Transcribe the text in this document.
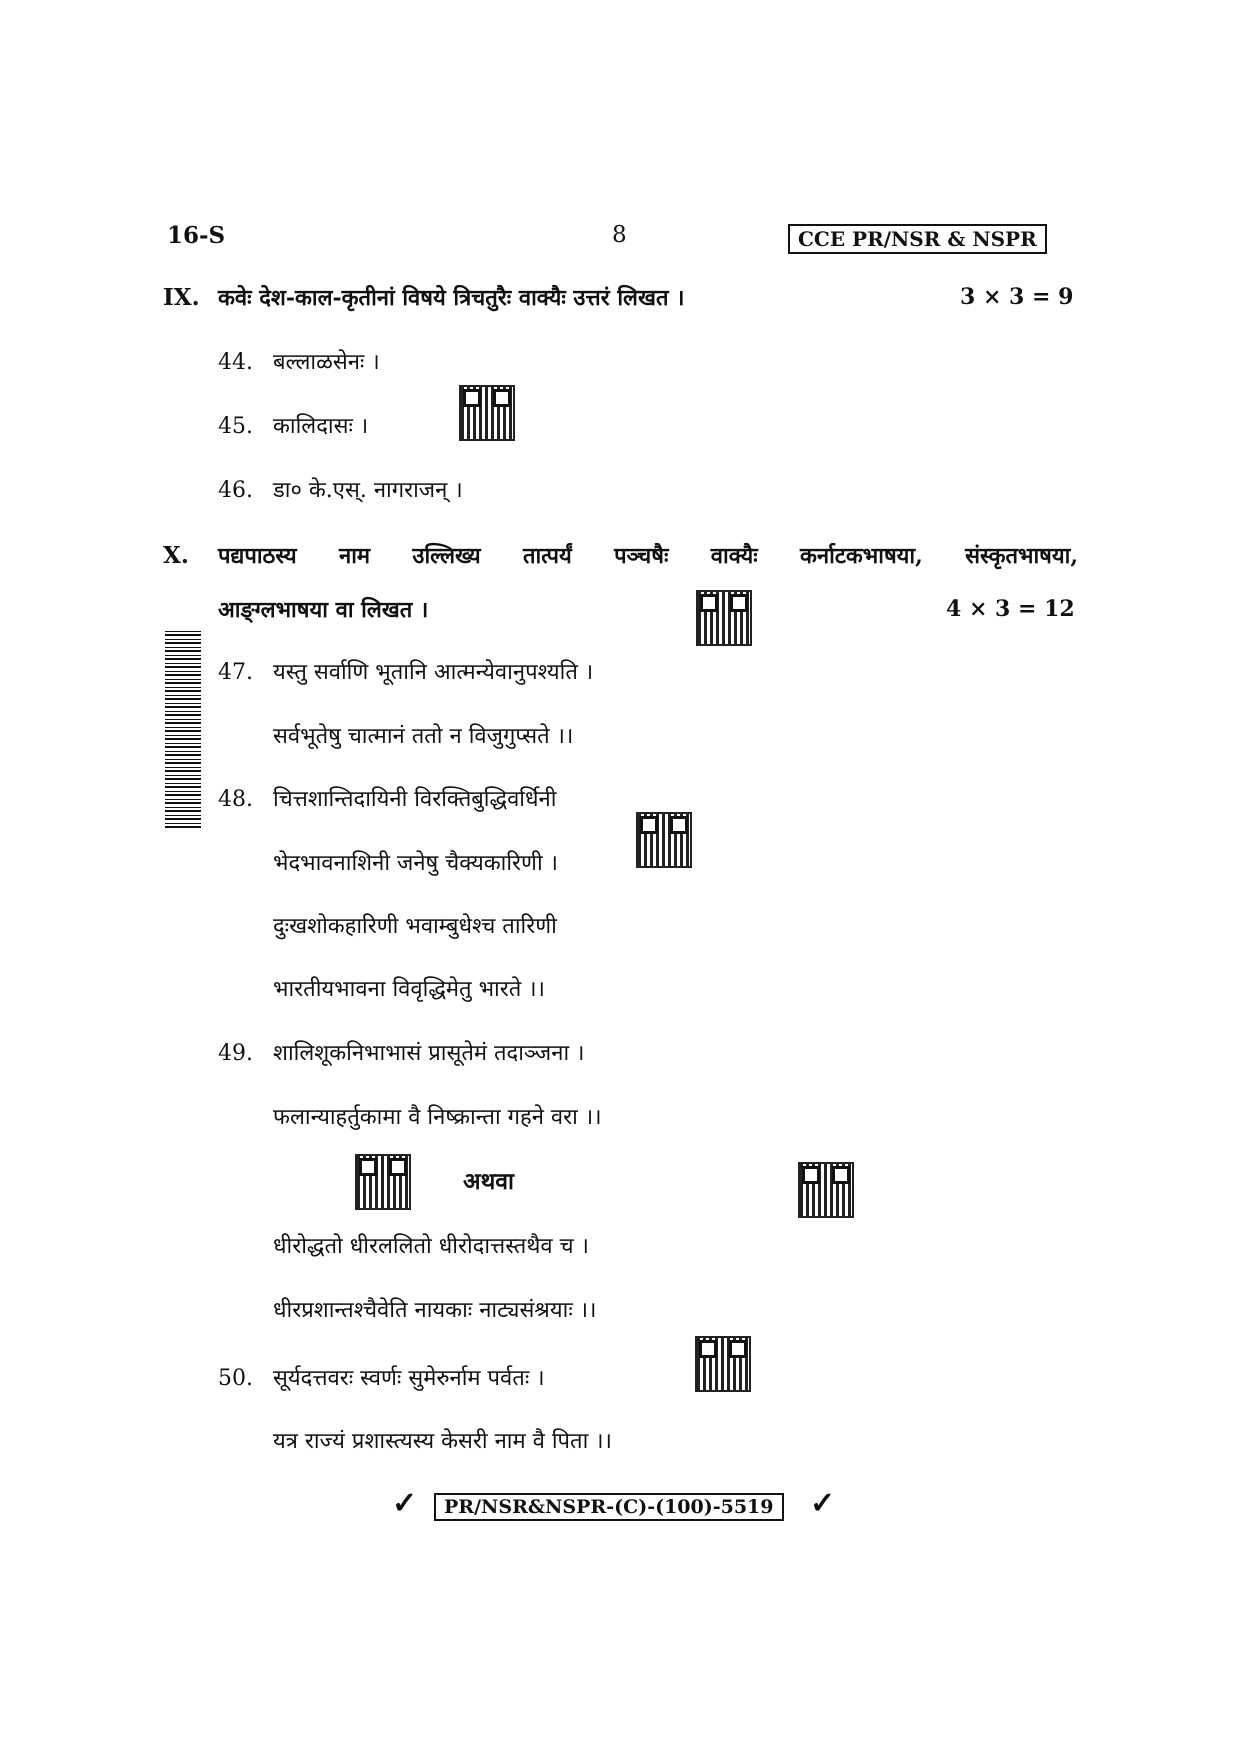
16-S	8	CCE PR/NSR & NSPR
IX. कवेः देश-काल-कृतीनां विषये त्रिचतुरैः वाक्यैः उत्तरं लिखत ।	3 × 3 = 9
44. बल्लाळसेनः ।
45. कालिदासः ।
46. डा० के.एस्. नागराजन् ।
X. पद्यपाठस्य नाम उल्लिख्य तात्पर्यं पञ्चषैः वाक्यैः कर्नाटकभाषया, संस्कृतभाषया,
आङ्ग्लभाषया वा लिखत ।	4 × 3 = 12
47. यस्तु सर्वाणि भूतानि आत्मन्येवानुपश्यति ।
सर्वभूतेषु चात्मानं ततो न विजुगुप्सते ।।
48. चित्तशान्तिदायिनी विरक्तिबुद्धिवर्धिनी
भेदभावनाशिनी जनेषु चैक्यकारिणी ।
दुःखशोकहारिणी भवाम्बुधेश्च तारिणी
भारतीयभावना विवृद्धिमेतु भारते ।।
49. शालिशूकनिभाभासं प्रासूतेमं तदाञ्जना ।
फलान्याहर्तुकामा वै निष्क्रान्ता गहने वरा ।।
अथवा
धीरोद्धतो धीरललितो धीरोदात्तस्तथैव च ।
धीरप्रशान्तश्चैवेति नायकाः नाट्यसंश्रयाः ।।
50. सूर्यदत्तवरः स्वर्णः सुमेरुर्नाम पर्वतः ।
यत्र राज्यं प्रशास्त्यस्य केसरी नाम वै पिता ।।
✓	PR/NSR&NSPR-(C)-(100)-5519	✓
